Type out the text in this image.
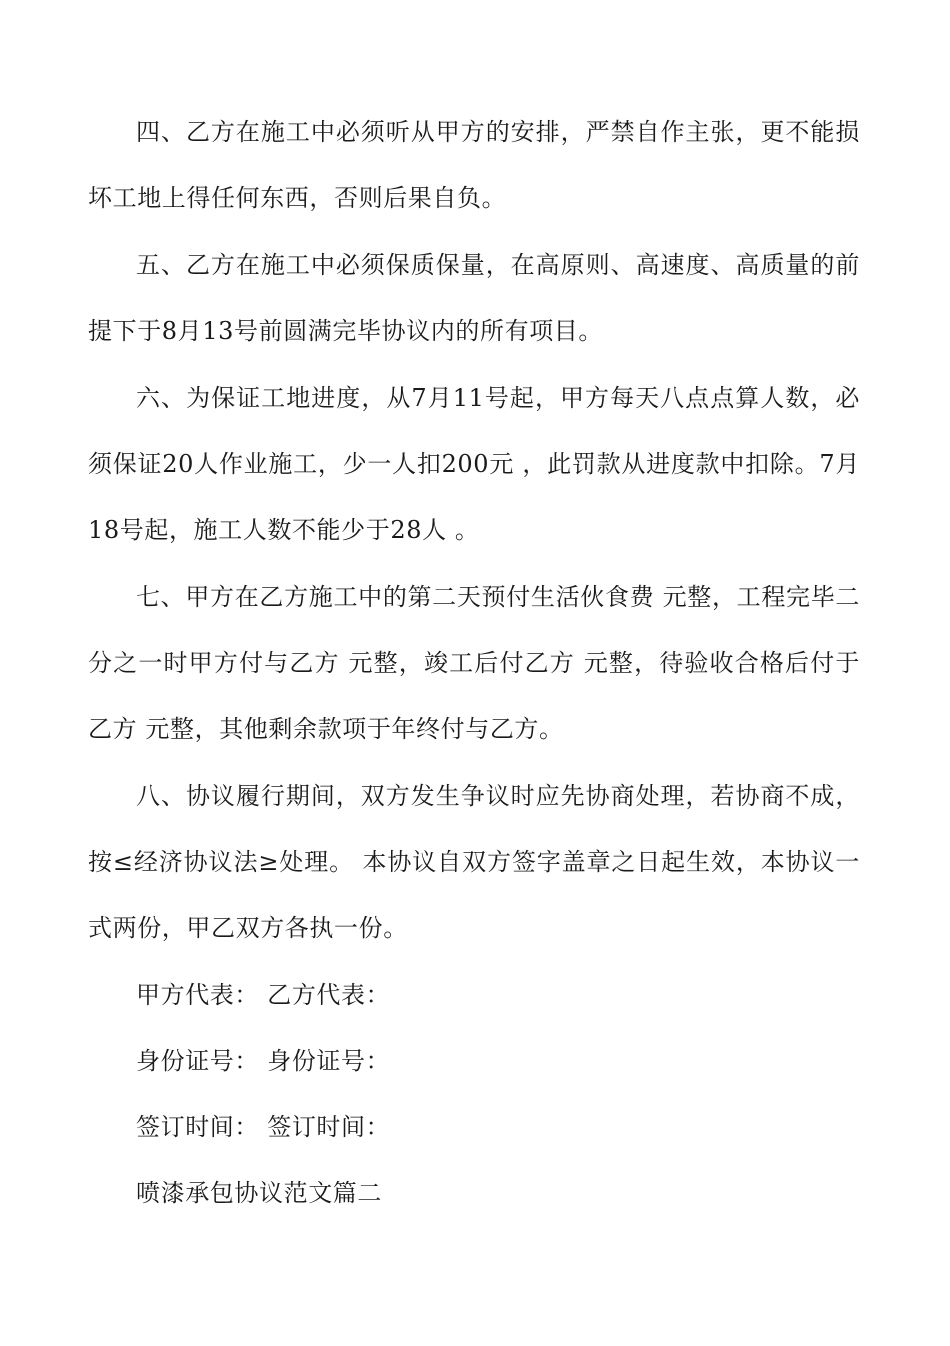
四、乙方在施工中必须听从甲方的安排，严禁自作主张，更不能损坏工地上得任何东西，否则后果自负。

五、乙方在施工中必须保质保量，在高原则、高速度、高质量的前提下于8月13号前圆满完毕协议内的所有项目。

六、为保证工地进度，从7月11号起，甲方每天八点点算人数，必须保证20人作业施工，少一人扣200元 ，此罚款从进度款中扣除。7月18号起，施工人数不能少于28人 。

七、甲方在乙方施工中的第二天预付生活伙食费 元整，工程完毕二分之一时甲方付与乙方 元整，竣工后付乙方 元整，待验收合格后付于乙方 元整，其他剩余款项于年终付与乙方。

八、协议履行期间，双方发生争议时应先协商处理，若协商不成，按≤经济协议法≥处理。 本协议自双方签字盖章之日起生效，本协议一式两份，甲乙双方各执一份。

甲方代表： 乙方代表：

身份证号： 身份证号：

签订时间： 签订时间：

喷漆承包协议范文篇二
